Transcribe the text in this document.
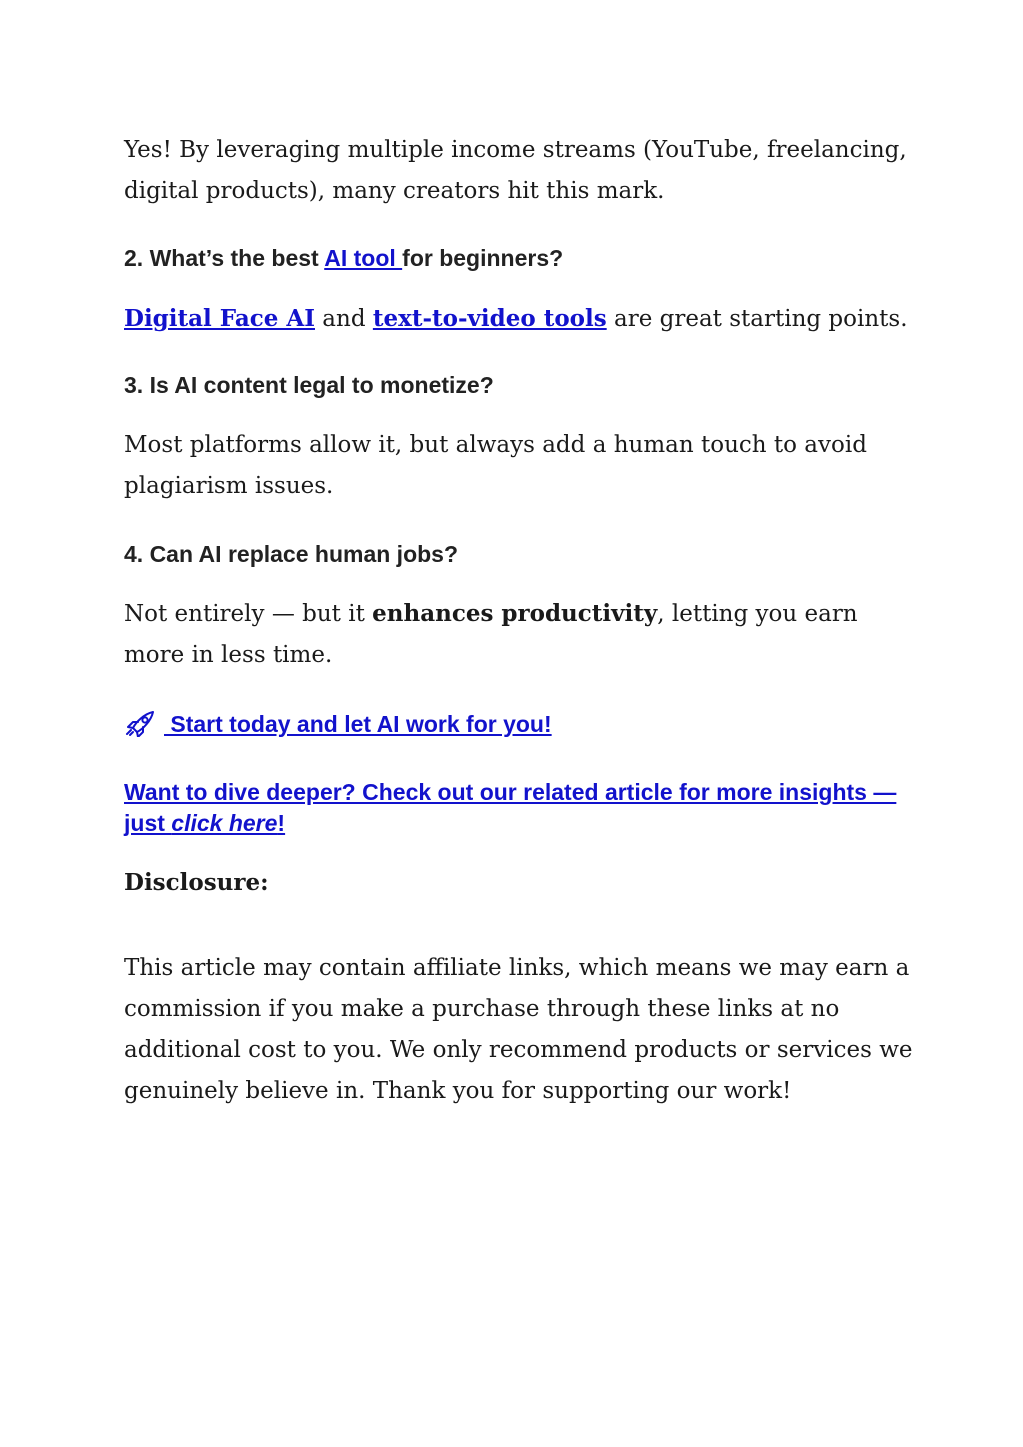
Yes! By leveraging multiple income streams (YouTube, freelancing, digital products), many creators hit this mark.

2. What’s the best AI tool for beginners?

Digital Face AI and text-to-video tools are great starting points.

3. Is AI content legal to monetize?

Most platforms allow it, but always add a human touch to avoid plagiarism issues.

4. Can AI replace human jobs?

Not entirely — but it enhances productivity, letting you earn more in less time.

Start today and let AI work for you!
Want to dive deeper? Check out our related article for more insights — just click here!
Disclosure:

This article may contain affiliate links, which means we may earn a commission if you make a purchase through these links at no additional cost to you. We only recommend products or services we genuinely believe in. Thank you for supporting our work!
